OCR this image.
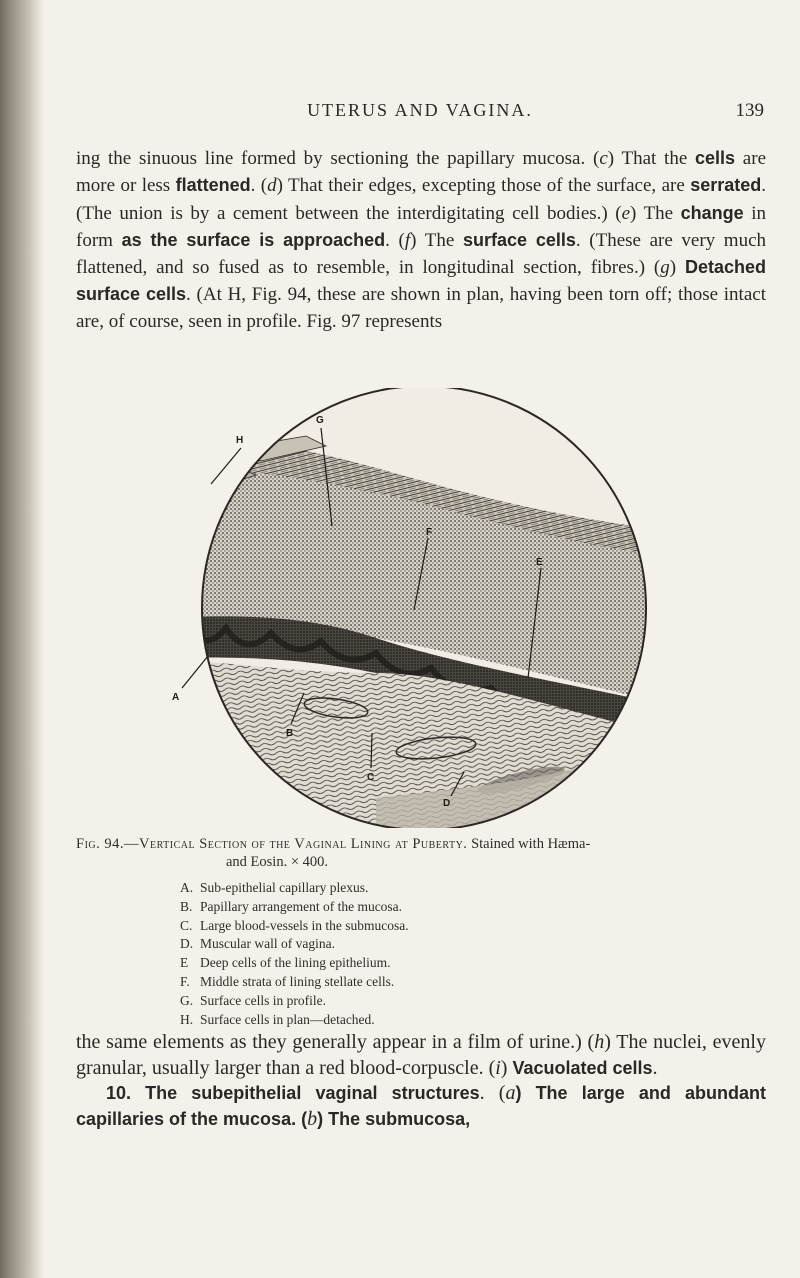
UTERUS AND VAGINA.	139

ing the sinuous line formed by sectioning the papillary mucosa. (c) That the cells are more or less flattened. (d) That their edges, excepting those of the surface, are serrated. (The union is by a cement between the interdigitating cell bodies.) (e) The change in form as the surface is approached. (f) The surface cells. (These are very much flattened, and so fused as to resemble, in longitudinal section, fibres.) (g) Detached surface cells. (At H, Fig. 94, these are shown in plan, having been torn off; those intact are, of course, seen in profile. Fig. 97 represents

H
G
F
E
A
B
C
D

Fig. 94.—Vertical Section of the Vaginal Lining at Puberty. Stained with Hæma-

and Eosin. × 400.

A. Sub-epithelial capillary plexus.
B. Papillary arrangement of the mucosa.
C. Large blood-vessels in the submucosa.
D. Muscular wall of vagina.
E Deep cells of the lining epithelium.
F. Middle strata of lining stellate cells.
G. Surface cells in profile.
H. Surface cells in plan—detached.

the same elements as they generally appear in a film of urine.) (h) The nuclei, evenly granular, usually larger than a red blood-corpuscle. (i) Vacuolated cells.
10. The subepithelial vaginal structures. (a) The large and abundant capillaries of the mucosa. (b) The submucosa,
